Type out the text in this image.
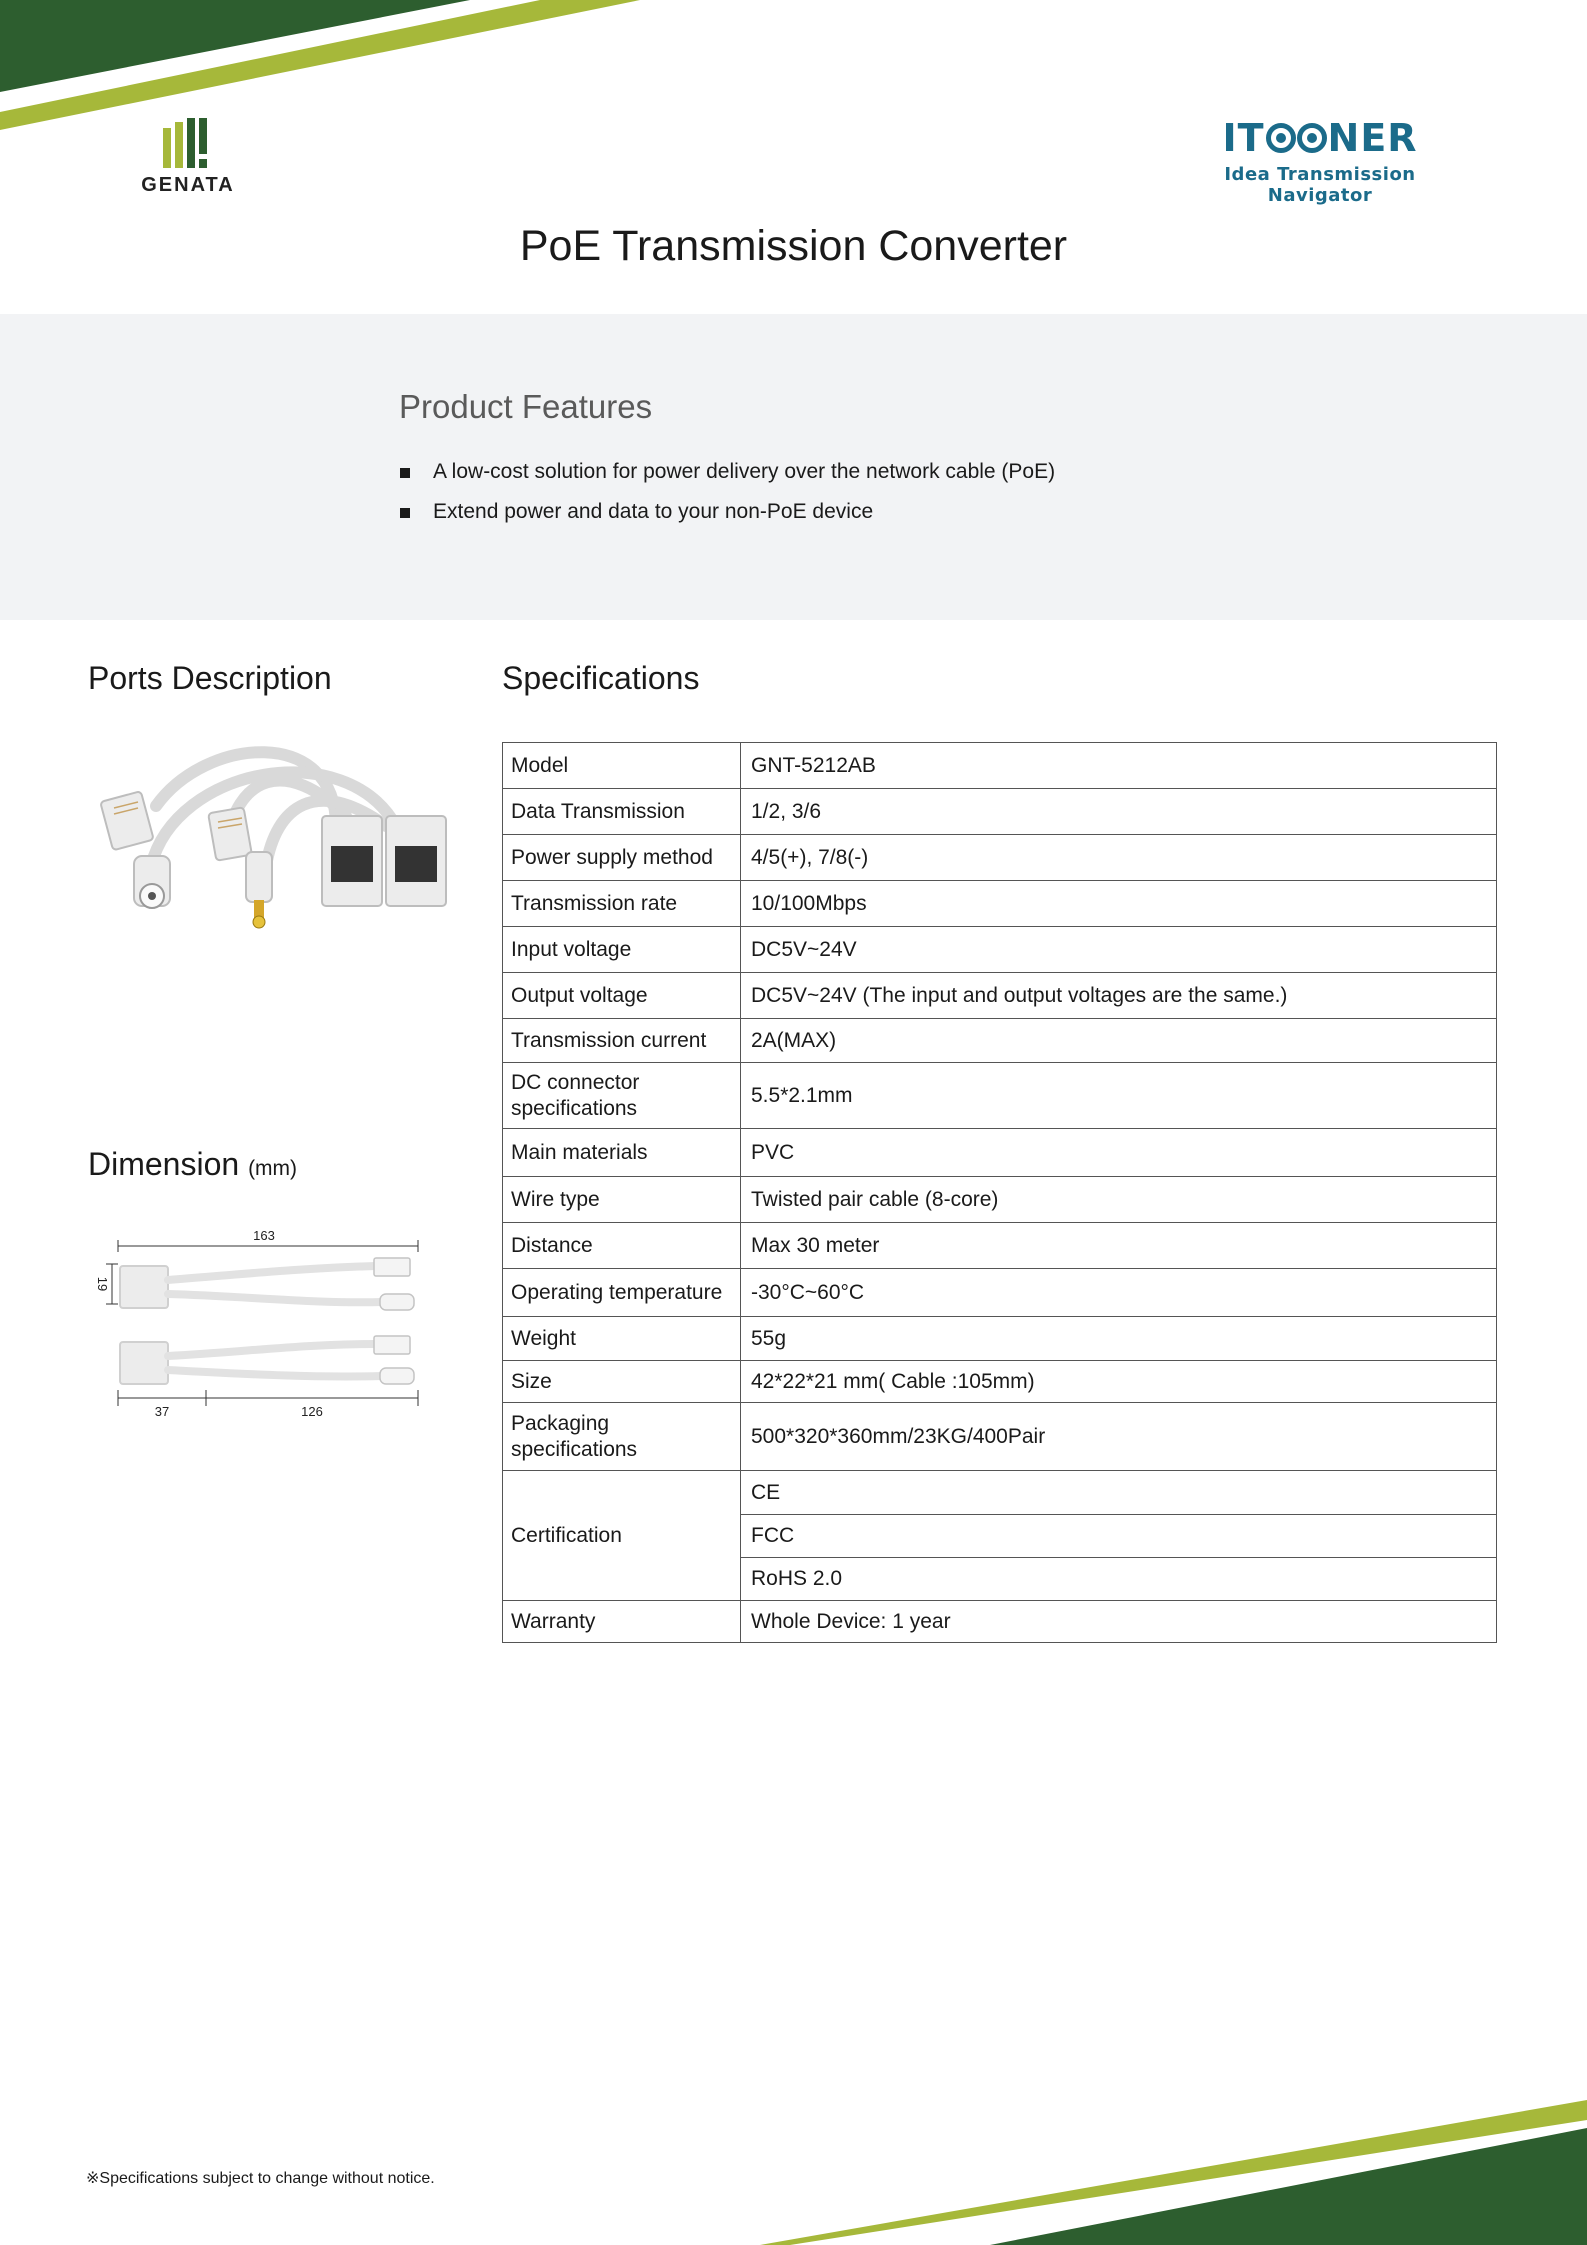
GENATA
IT NER
Idea Transmission Navigator
PoE Transmission Converter
Product Features
A low-cost solution for power delivery over the network cable (PoE)
Extend power and data to your non-PoE device
Ports Description
Dimension (mm)
163
19
37	126
Specifications
Model	GNT-5212AB
Data Transmission	1/2, 3/6
Power supply method	4/5(+), 7/8(-)
Transmission rate	10/100Mbps
Input voltage	DC5V~24V
Output voltage	DC5V~24V (The input and output voltages are the same.)
Transmission current	2A(MAX)
DC connector specifications	5.5*2.1mm
Main materials	PVC
Wire type	Twisted pair cable (8-core)
Distance	Max 30 meter
Operating temperature	-30°C~60°C
Weight	55g
Size	42*22*21 mm( Cable :105mm)
Packaging specifications	500*320*360mm/23KG/400Pair
Certification	CE
	FCC
	RoHS 2.0
Warranty	Whole Device: 1 year
※Specifications subject to change without notice.
